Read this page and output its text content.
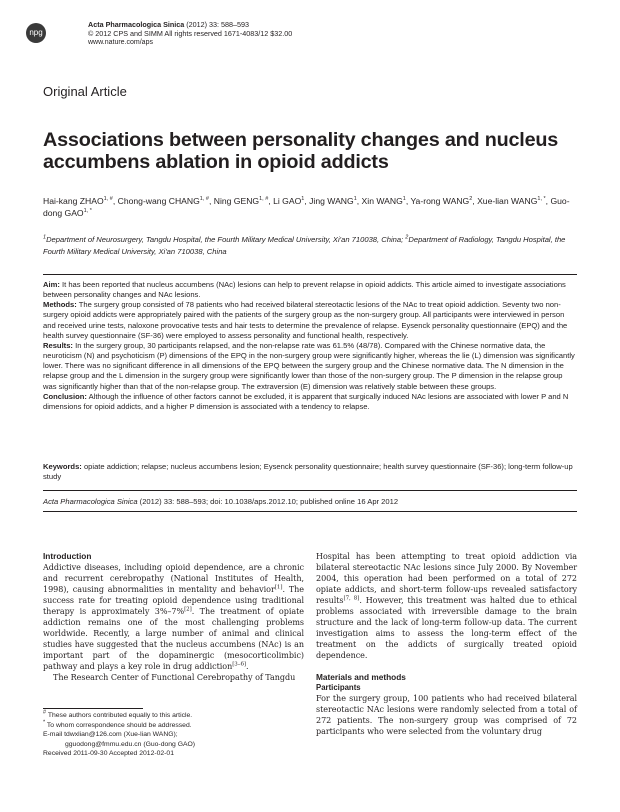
npg
Acta Pharmacologica Sinica (2012) 33: 588–593
© 2012 CPS and SIMM All rights reserved 1671-4083/12 $32.00
www.nature.com/aps
Original Article
Associations between personality changes and nucleus accumbens ablation in opioid addicts
Hai-kang $ZHAO^{1, \#}$, Chong-wang $CHANG^{1, \#}$, Ning $GENG^{1, \#}$, Li GAO$^1$, Jing WANG$^1$, Xin WANG$^1$, Ya-rong WANG$^2$, Xue-lian $WANG^{1, *}$, Guo-dong $GAO^{1, *}$
$^1$Department of Neurosurgery, Tangdu Hospital, the Fourth Military Medical University, Xi'an 710038, China; $^2$Department of Radiology, Tangdu Hospital, the Fourth Military Medical University, Xi'an 710038, China

Aim: It has been reported that nucleus accumbens (NAc) lesions can help to prevent relapse in opioid addicts. This article aimed to investigate associations between personality changes and NAc lesions.

Methods: The surgery group consisted of 78 patients who had received bilateral stereotactic lesions of the NAc to treat opioid addiction. Seventy two non-surgery opioid addicts were appropriately paired with the patients of the surgery group as the non-surgery group. All participants were interviewed in person and received urine tests, naloxone provocative tests and hair tests to determine the prevalence of relapse. Eysenck personality questionnaire (EPQ) and the health survey questionnaire (SF-36) were employed to assess personality and functional health, respectively.

Results: In the surgery group, 30 participants relapsed, and the non-relapse rate was 61.5% (48/78). Compared with the Chinese normative data, the neuroticism (N) and psychoticism (P) dimensions of the EPQ in the non-surgery group were significantly higher, whereas the lie (L) dimension was significantly lower. There was no significant difference in all dimensions of the EPQ between the surgery group and the Chinese normative data. The N dimension in the relapse group and the L dimension in the surgery group were significantly lower than those of the non-surgery group. The P dimension in the relapse group was significantly higher than that of the non-relapse group. The extraversion (E) dimension was relatively stable between these groups.

Conclusion: Although the influence of other factors cannot be excluded, it is apparent that surgically induced NAc lesions are associated with lower P and N dimensions for opioid addicts, and a higher P dimension is associated with a tendency to relapse.

Keywords: opiate addiction; relapse; nucleus accumbens lesion; Eysenck personality questionnaire; health survey questionnaire (SF-36); long-term follow-up study
Acta Pharmacologica Sinica (2012) 33: 588–593; doi: 10.1038/aps.2012.10; published online 16 Apr 2012

Introduction

Addictive diseases, including opioid dependence, are a chronic and recurrent cerebropathy (National Institutes of Health, 1998), causing abnormalities in mentality and behavior[1]. The success rate for treating opioid dependence using traditional therapy is approximately 3%–7%[2]. The treatment of opiate addiction remains one of the most challenging problems worldwide. Recently, a large number of animal and clinical studies have suggested that the nucleus accumbens (NAc) is an important part of the dopaminergic (mesocorticolimbic) pathway and plays a key role in drug addiction[3–6].

The Research Center of Functional Cerebropathy of Tangdu

# These authors contributed equally to this article.

* To whom correspondence should be addressed.

E-mail tdwxlian@126.com (Xue-lian WANG);

gguodong@fmmu.edu.cn (Guo-dong GAO)

Received 2011-09-30 Accepted 2012-02-01

Hospital has been attempting to treat opioid addiction via bilateral stereotactic NAc lesions since July 2000. By November 2004, this operation had been performed on a total of 272 opiate addicts, and short-term follow-ups revealed satisfactory results[7, 8]. However, this treatment was halted due to ethical problems associated with irreversible damage to the brain structure and the lack of long-term follow-up data. The current investigation aims to assess the long-term effect of the treatment on the addicts of surgically treated opioid dependence.

Materials and methods

Participants

For the surgery group, 100 patients who had received bilateral stereotactic NAc lesions were randomly selected from a total of 272 patients. The non-surgery group was comprised of 72 participants who were selected from the voluntary drug
